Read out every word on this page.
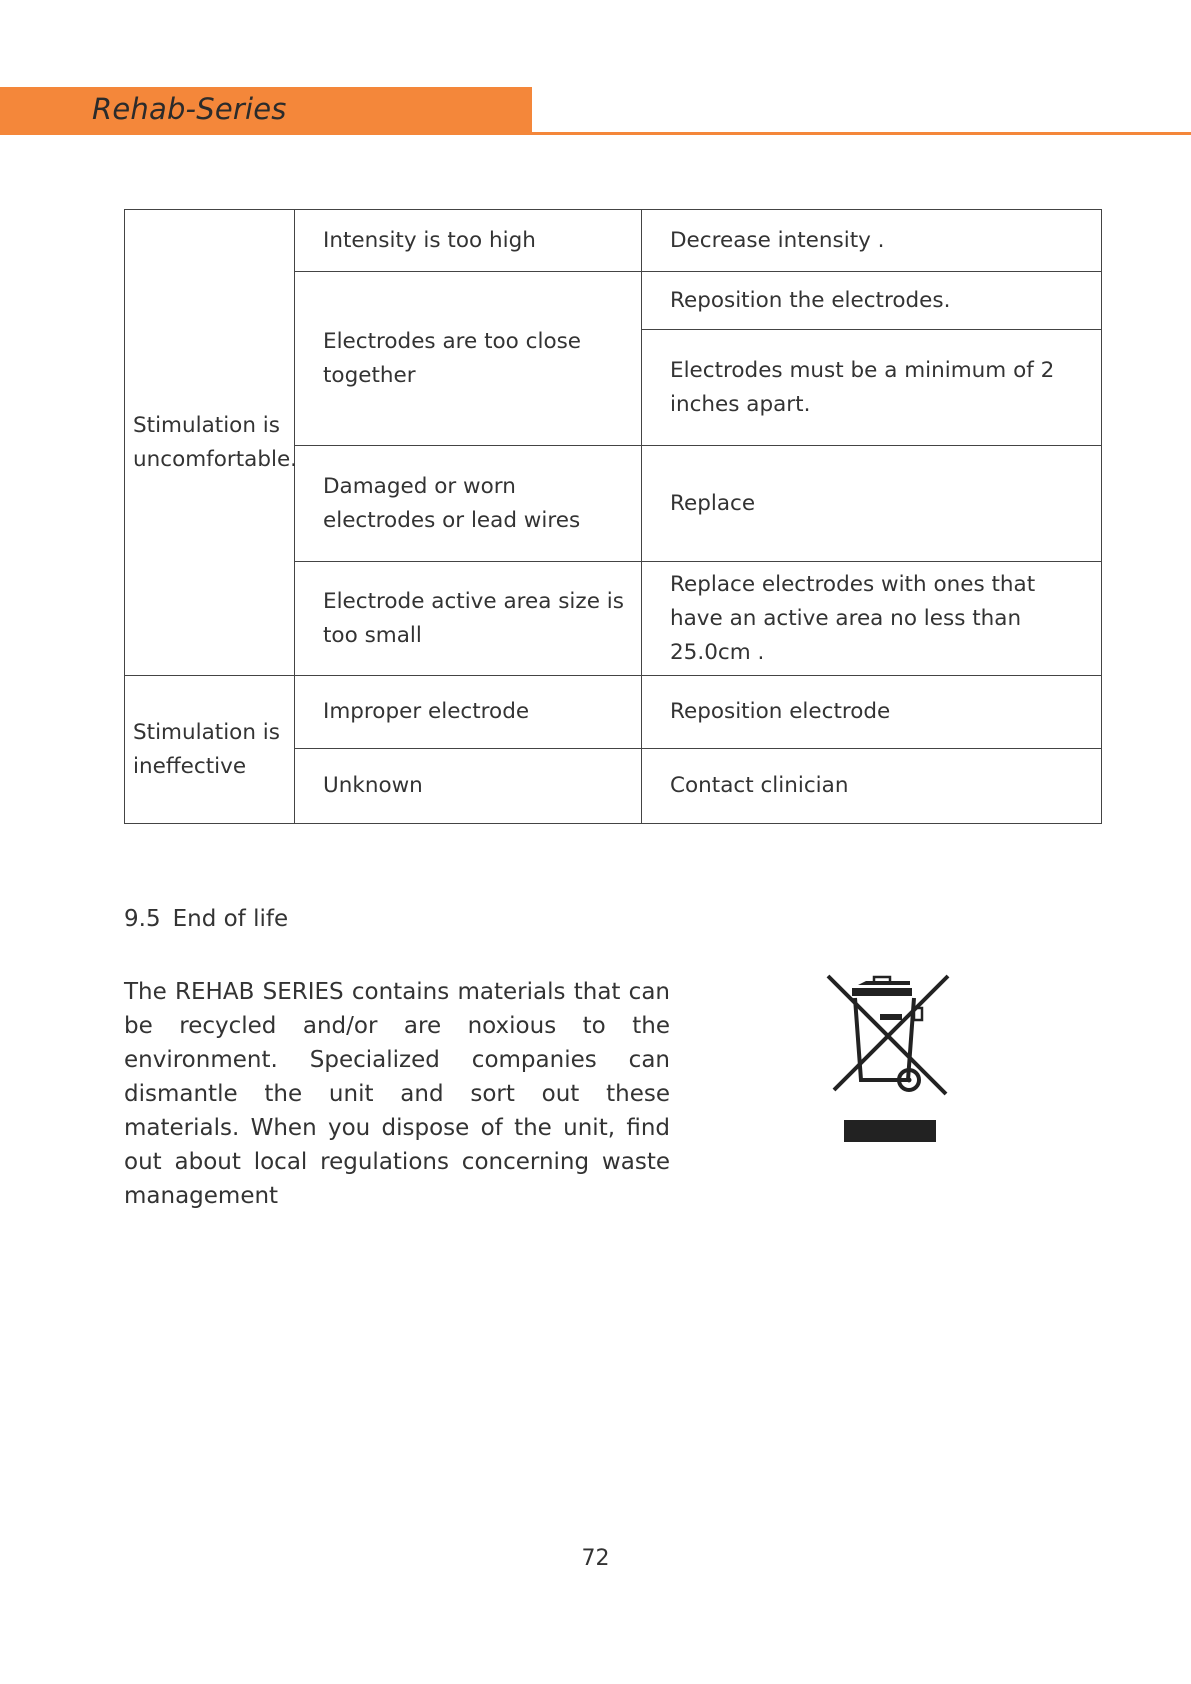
Rehab-Series
Stimulation is uncomfortable.	Intensity is too high	Decrease intensity .
	Electrodes are too close together	Reposition the electrodes.
		Electrodes must be a minimum of 2 inches apart.
	Damaged or worn electrodes or lead wires	Replace
	Electrode active area size is too small	Replace electrodes with ones that have an active area no less than 25.0cm .

Stimulation is ineffective	Improper electrode	Reposition electrode
	Unknown	Contact clinician
9.5 End of life
The REHAB SERIES contains materials that can be recycled and/or are noxious to the environment. Specialized companies can dismantle the unit and sort out these materials. When you dispose of the unit, find out about local regulations concerning waste management
72
